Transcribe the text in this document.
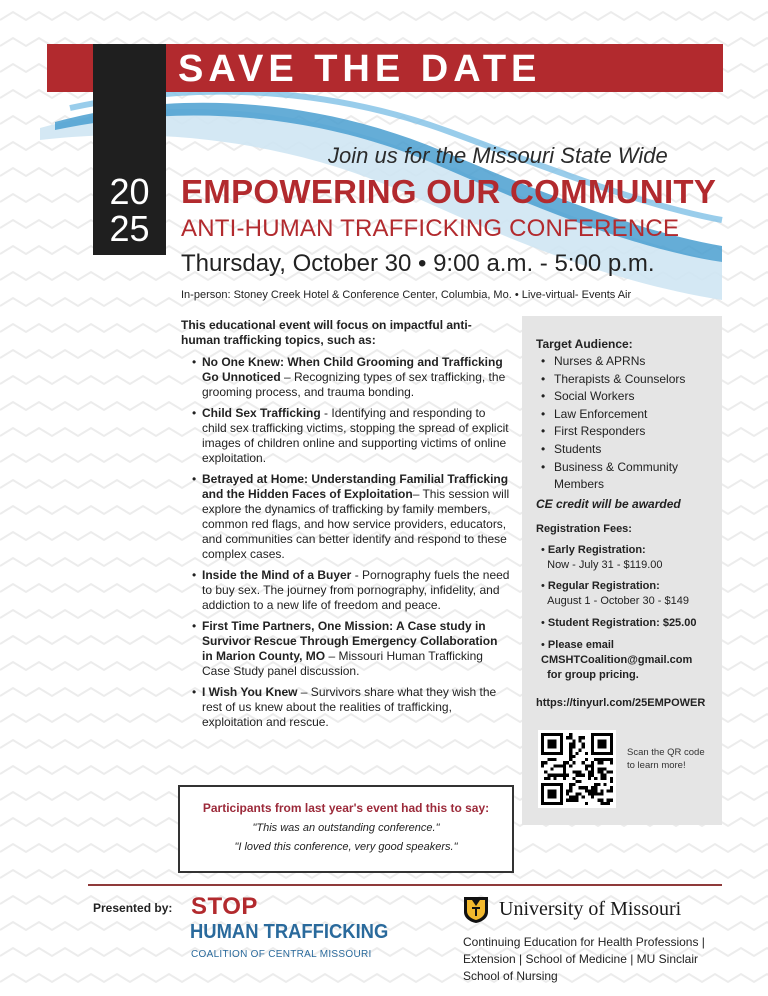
SAVE THE DATE
20
25
Join us for the Missouri State Wide
EMPOWERING OUR COMMUNITY
ANTI-HUMAN TRAFFICKING CONFERENCE
Thursday, October 30 • 9:00 a.m. - 5:00 p.m.
In-person: Stoney Creek Hotel & Conference Center, Columbia, Mo. • Live-virtual- Events Air
This educational event will focus on impactful anti-human trafficking topics, such as:
• No One Knew: When Child Grooming and Trafficking Go Unnoticed – Recognizing types of sex trafficking, the grooming process, and trauma bonding.
• Child Sex Trafficking - Identifying and responding to child sex trafficking victims, stopping the spread of explicit images of children online and supporting victims of online exploitation.
• Betrayed at Home: Understanding Familial Trafficking and the Hidden Faces of Exploitation– This session will explore the dynamics of trafficking by family members, common red flags, and how service providers, educators, and communities can better identify and respond to these complex cases.
• Inside the Mind of a Buyer - Pornography fuels the need to buy sex. The journey from pornography, infidelity, and addiction to a new life of freedom and peace.
• First Time Partners, One Mission: A Case study in Survivor Rescue Through Emergency Collaboration in Marion County, MO – Missouri Human Trafficking Case Study panel discussion.
• I Wish You Knew – Survivors share what they wish the rest of us knew about the realities of trafficking, exploitation and rescue.
Participants from last year's event had this to say:
"This was an outstanding conference."
"I loved this conference, very good speakers."
Target Audience:
• Nurses & APRNs
• Therapists & Counselors
• Social Workers
• Law Enforcement
• First Responders
• Students
• Business & Community Members
CE credit will be awarded
Registration Fees:
• Early Registration:
Now - July 31 - $119.00
• Regular Registration:
August 1 - October 30 - $149
• Student Registration: $25.00
• Please email CMSHTCoalition@gmail.com
for group pricing.
https://tinyurl.com/25EMPOWER
Scan the QR code to learn more!
Presented by: STOP
HUMAN TRAFFICKING
COALITION OF CENTRAL MISSOURI
University of Missouri
Continuing Education for Health Professions | Extension | School of Medicine | MU Sinclair School of Nursing
